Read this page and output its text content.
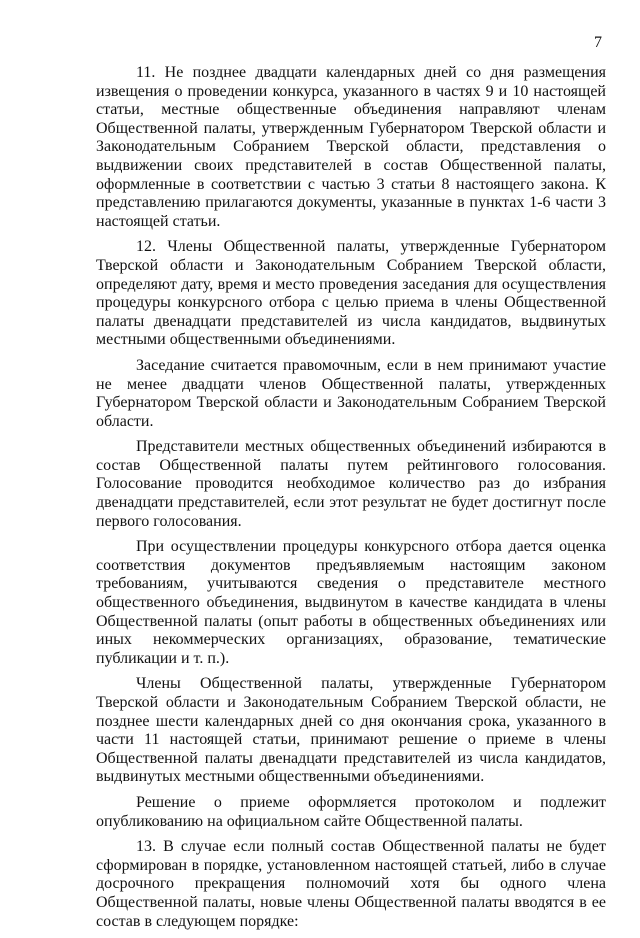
7

11. Не позднее двадцати календарных дней со дня размещения извещения о проведении конкурса, указанного в частях 9 и 10 настоящей статьи, местные общественные объединения направляют членам Общественной палаты, утвержденным Губернатором Тверской области и Законодательным Собранием Тверской области, представления о выдвижении своих представителей в состав Общественной палаты, оформленные в соответствии с частью 3 статьи 8 настоящего закона. К представлению прилагаются документы, указанные в пунктах 1-6 части 3 настоящей статьи.

12. Члены Общественной палаты, утвержденные Губернатором Тверской области и Законодательным Собранием Тверской области, определяют дату, время и место проведения заседания для осуществления процедуры конкурсного отбора с целью приема в члены Общественной палаты двенадцати представителей из числа кандидатов, выдвинутых местными общественными объединениями.

Заседание считается правомочным, если в нем принимают участие не менее двадцати членов Общественной палаты, утвержденных Губернатором Тверской области и Законодательным Собранием Тверской области.

Представители местных общественных объединений избираются в состав Общественной палаты путем рейтингового голосования. Голосование проводится необходимое количество раз до избрания двенадцати представителей, если этот результат не будет достигнут после первого голосования.

При осуществлении процедуры конкурсного отбора дается оценка соответствия документов предъявляемым настоящим законом требованиям, учитываются сведения о представителе местного общественного объединения, выдвинутом в качестве кандидата в члены Общественной палаты (опыт работы в общественных объединениях или иных некоммерческих организациях, образование, тематические публикации и т. п.).

Члены Общественной палаты, утвержденные Губернатором Тверской области и Законодательным Собранием Тверской области, не позднее шести календарных дней со дня окончания срока, указанного в части 11 настоящей статьи, принимают решение о приеме в члены Общественной палаты двенадцати представителей из числа кандидатов, выдвинутых местными общественными объединениями.

Решение о приеме оформляется протоколом и подлежит опубликованию на официальном сайте Общественной палаты.

13. В случае если полный состав Общественной палаты не будет сформирован в порядке, установленном настоящей статьей, либо в случае досрочного прекращения полномочий хотя бы одного члена Общественной палаты, новые члены Общественной палаты вводятся в ее состав в следующем порядке:
